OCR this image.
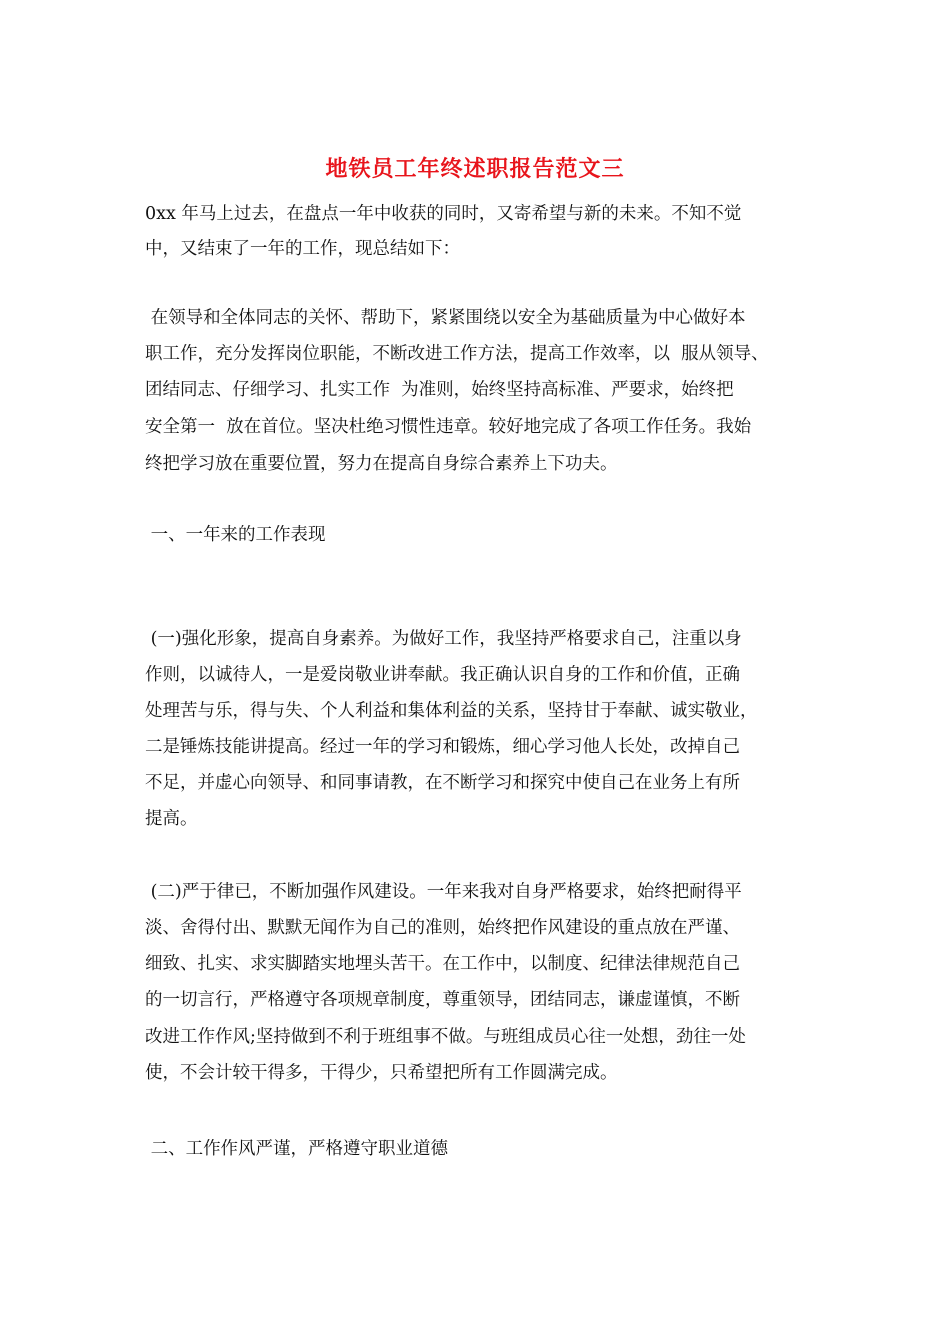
地铁员工年终述职报告范文三
0xx 年马上过去，在盘点一年中收获的同时，又寄希望与新的未来。不知不觉
中，又结束了一年的工作，现总结如下：
在领导和全体同志的关怀、帮助下，紧紧围绕以安全为基础质量为中心做好本
职工作，充分发挥岗位职能，不断改进工作方法，提高工作效率，以  服从领导、
团结同志、仔细学习、扎实工作  为准则，始终坚持高标准、严要求，始终把
安全第一  放在首位。坚决杜绝习惯性违章。较好地完成了各项工作任务。我始
终把学习放在重要位置，努力在提高自身综合素养上下功夫。
一、一年来的工作表现
(一)强化形象，提高自身素养。为做好工作，我坚持严格要求自己，注重以身
作则，以诚待人，一是爱岗敬业讲奉献。我正确认识自身的工作和价值，正确
处理苦与乐，得与失、个人利益和集体利益的关系，坚持甘于奉献、诚实敬业，
二是锤炼技能讲提高。经过一年的学习和锻炼，细心学习他人长处，改掉自己
不足，并虚心向领导、和同事请教，在不断学习和探究中使自己在业务上有所
提高。
(二)严于律已，不断加强作风建设。一年来我对自身严格要求，始终把耐得平
淡、舍得付出、默默无闻作为自己的准则，始终把作风建设的重点放在严谨、
细致、扎实、求实脚踏实地埋头苦干。在工作中，以制度、纪律法律规范自己
的一切言行，严格遵守各项规章制度，尊重领导，团结同志，谦虚谨慎，不断
改进工作作风;坚持做到不利于班组事不做。与班组成员心往一处想，劲往一处
使，不会计较干得多，干得少，只希望把所有工作圆满完成。
二、工作作风严谨，严格遵守职业道德
